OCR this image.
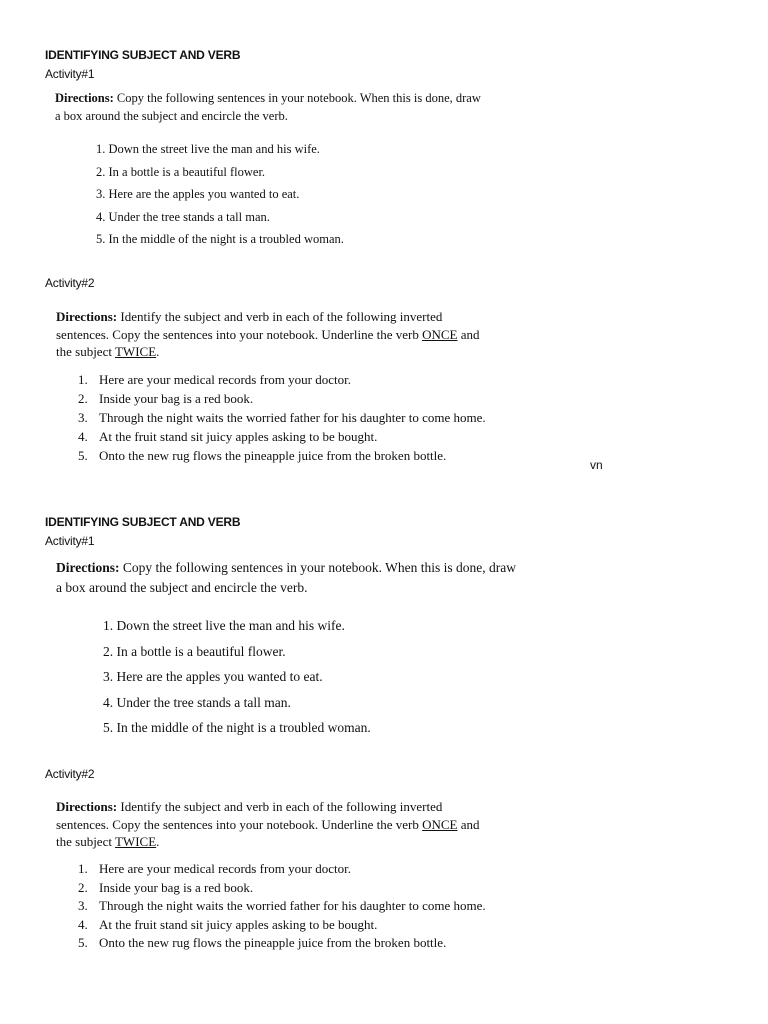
IDENTIFYING SUBJECT AND VERB
Activity#1
Directions: Copy the following sentences in your notebook. When this is done, draw
a box around the subject and encircle the verb.
1. Down the street live the man and his wife.
2. In a bottle is a beautiful flower.
3. Here are the apples you wanted to eat.
4. Under the tree stands a tall man.
5. In the middle of the night is a troubled woman.
Activity#2
Directions: Identify the subject and verb in each of the following inverted
sentences. Copy the sentences into your notebook. Underline the verb ONCE and
the subject TWICE.
1. Here are your medical records from your doctor.
2. Inside your bag is a red book.
3. Through the night waits the worried father for his daughter to come home.
4. At the fruit stand sit juicy apples asking to be bought.
5. Onto the new rug flows the pineapple juice from the broken bottle.
vn
IDENTIFYING SUBJECT AND VERB
Activity#1
Directions: Copy the following sentences in your notebook. When this is done, draw
a box around the subject and encircle the verb.
1. Down the street live the man and his wife.
2. In a bottle is a beautiful flower.
3. Here are the apples you wanted to eat.
4. Under the tree stands a tall man.
5. In the middle of the night is a troubled woman.
Activity#2
Directions: Identify the subject and verb in each of the following inverted
sentences. Copy the sentences into your notebook. Underline the verb ONCE and
the subject TWICE.
1. Here are your medical records from your doctor.
2. Inside your bag is a red book.
3. Through the night waits the worried father for his daughter to come home.
4. At the fruit stand sit juicy apples asking to be bought.
5. Onto the new rug flows the pineapple juice from the broken bottle.
